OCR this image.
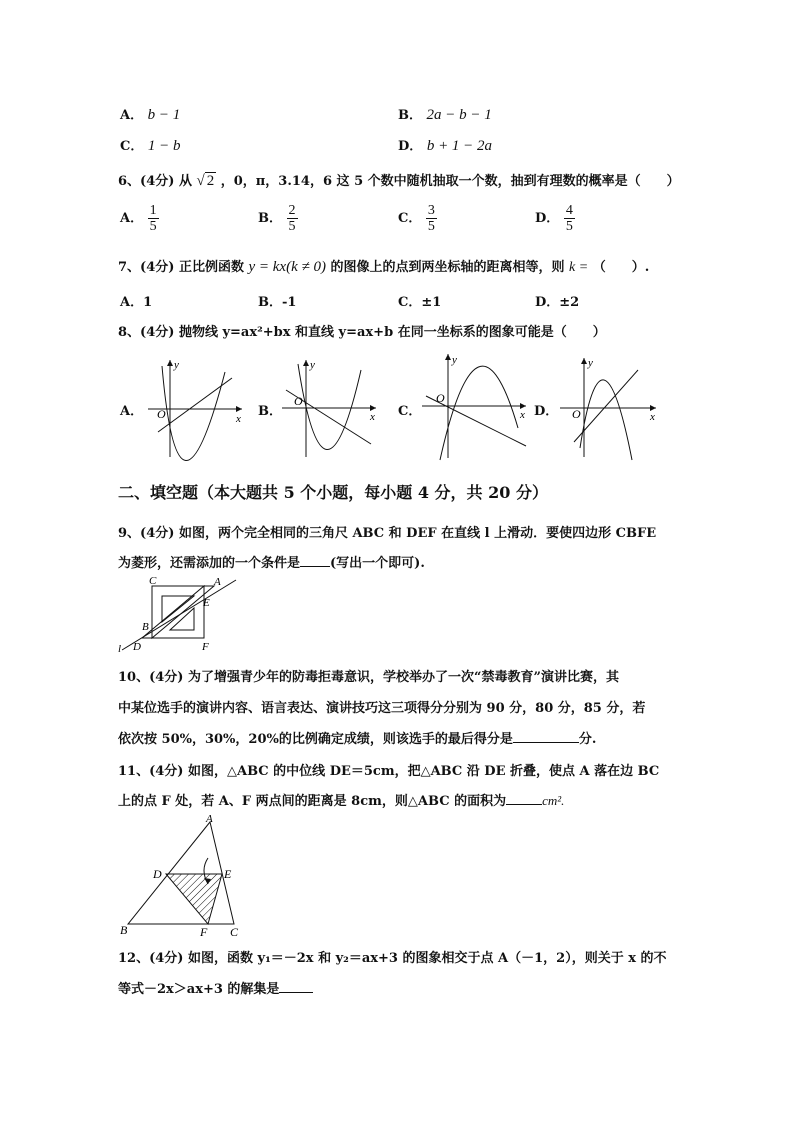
A． b − 1	B． 2a − b − 1
C． 1 − b	D． b + 1 − 2a
6、(4分) 从 √ 2 ，0，π，3.14，6 这 5 个数中随机抽取一个数，抽到有理数的概率是（　　）
A． $\frac{1}{5}$	B． $\frac{2}{5}$	C． $\frac{3}{5}$	D． $\frac{4}{5}$
7、(4分) 正比例函数 y = kx(k ≠ 0) 的图像上的点到两坐标轴的距离相等，则 k = （　　）.
A．1	B．-1	C．±1	D．±2
8、(4分) 抛物线 y=ax²+bx 和直线 y=ax+b 在同一坐标系的图象可能是（　　）
A．	B．	C．	D．
y
x
O
y
x
O
y
x
O
y
x
O
二、填空题（本大题共 5 个小题，每小题 4 分，共 20 分）
9、(4分) 如图，两个完全相同的三角尺 ABC 和 DEF 在直线 l 上滑动．要使四边形 CBFE
为菱形，还需添加的一个条件是 (写出一个即可).
C	A
E
B
l D	F
10、(4分) 为了增强青少年的防毒拒毒意识，学校举办了一次“禁毒教育”演讲比赛，其
中某位选手的演讲内容、语言表达、演讲技巧这三项得分分别为 90 分，80 分，85 分，若
依次按 50%，30%，20%的比例确定成绩，则该选手的最后得分是	分.
11、(4分) 如图，△ABC 的中位线 DE＝5cm，把△ABC 沿 DE 折叠，使点 A 落在边 BC
上的点 F 处，若 A、F 两点间的距离是 8cm，则△ABC 的面积为	cm².
A
D	E
B	F C
12、(4分) 如图，函数 y₁＝－2x 和 y₂＝ax+3 的图象相交于点 A（－1，2），则关于 x 的不
等式－2x＞ax+3 的解集是
